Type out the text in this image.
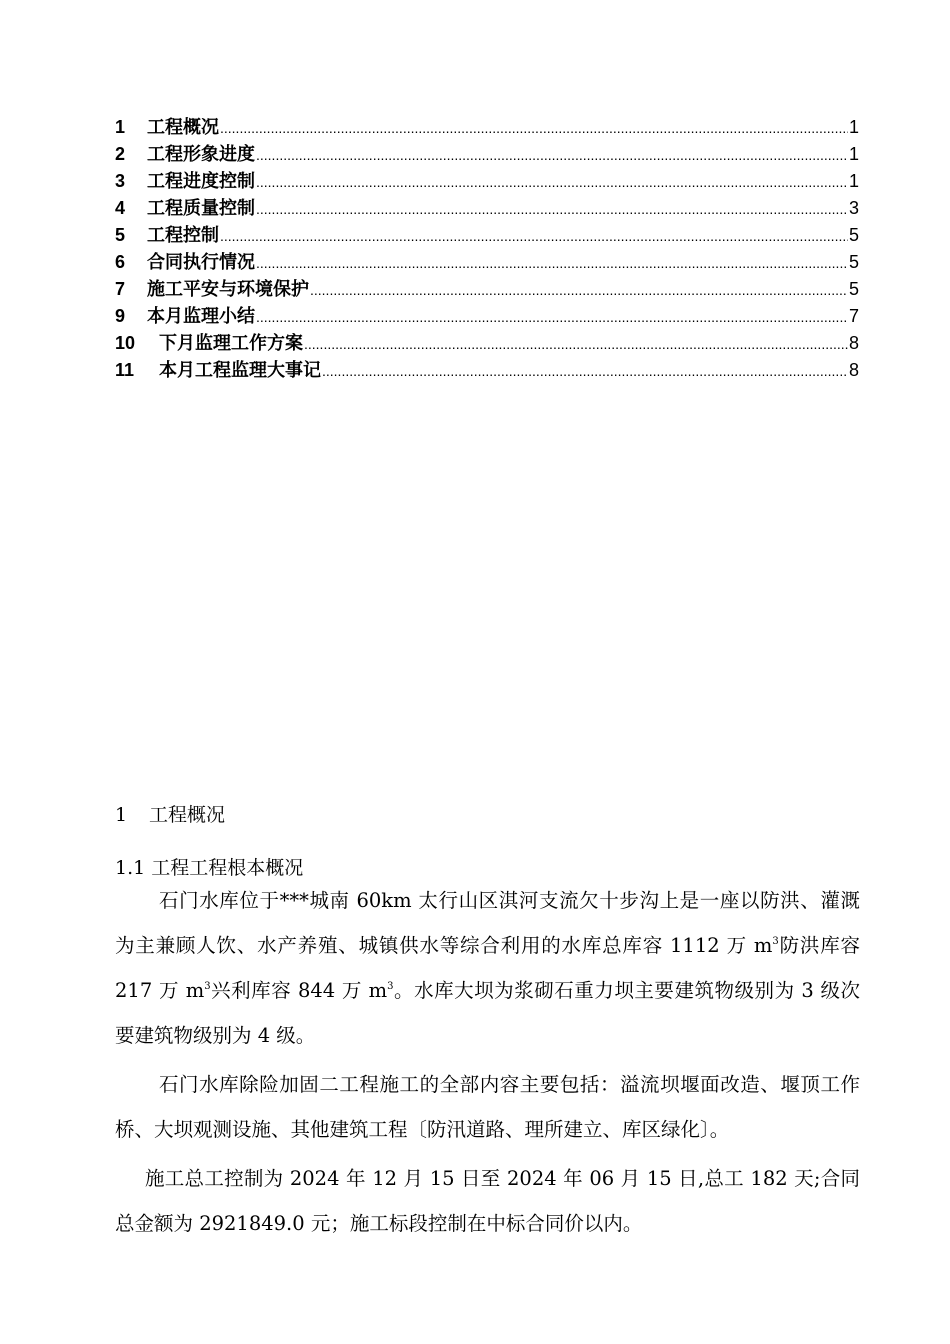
1	工程概况 .....	1
2	工程形象进度 .....	1
3	工程进度控制 .....	1
4	工程质量控制 .....	3
5	工程控制 .....	5
6	合同执行情况 .....	5
7	施工平安与环境保护 .....	5
9	本月监理小结 .....	7
10	下月监理工作方案 .....	8
11	本月工程监理大事记 .....	8
1 工程概况
1.1 工程工程根本概况

石门水库位于***城南 60km 太行山区淇河支流欠十步沟上是一座以防洪、灌溉为主兼顾人饮、水产养殖、城镇供水等综合利用的水库总库容 1112 万 $m^3$防洪库容 217 万 $m^3$兴利库容 844 万 $m^3$。水库大坝为浆砌石重力坝主要建筑物级别为 3 级次要建筑物级别为 4 级。

石门水库除险加固二工程施工的全部内容主要包括：溢流坝堰面改造、堰顶工作桥、大坝观测设施、其他建筑工程〔防汛道路、理所建立、库区绿化〕。

施工总工控制为 2024 年 12 月 15 日至 2024 年 06 月 15 日,总工 182 天;合同总金额为 2921849.0 元；施工标段控制在中标合同价以内。
